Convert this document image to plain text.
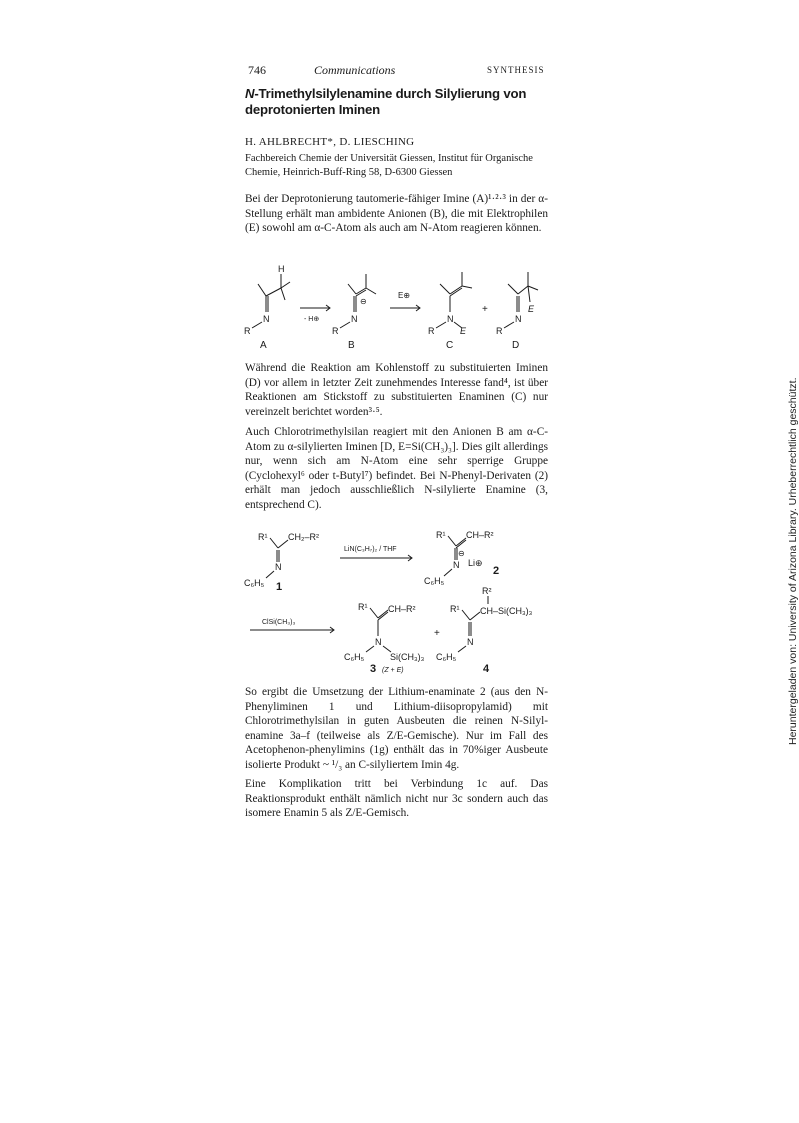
746	Communications	SYNTHESIS
N-Trimethylsilylenamine durch Silylierung von deprotonierten Iminen
H. AHLBRECHT*, D. LIESCHING
Fachbereich Chemie der Universität Giessen, Institut für Organische Chemie, Heinrich-Buff-Ring 58, D-6300 Giessen

Bei der Deprotonierung tautomerie-fähiger Imine (A)¹·²·³ in der α-Stellung erhält man ambidente Anionen (B), die mit Elektrophilen (E) sowohl am α-C-Atom als auch am N-Atom reagieren können.

H
N
R
A
- H⊕
⊖
N
R
B
E⊕
N
R	E
C
+	E
N
R
D

Während die Reaktion am Kohlenstoff zu substituierten Iminen (D) vor allem in letzter Zeit zunehmendes Interesse fand⁴, ist über Reaktionen am Stickstoff zu substituierten Enaminen (C) nur vereinzelt berichtet worden³·⁵.

Auch Chlorotrimethylsilan reagiert mit den Anionen B am α-C-Atom zu α-silylierten Iminen [D, E=Si(CH₃)₃]. Dies gilt allerdings nur, wenn sich am N-Atom eine sehr sperrige Gruppe (Cyclohexyl⁶ oder t-Butyl⁷) befindet. Bei N-Phenyl-Derivaten (2) erhält man jedoch ausschließlich N-silylierte Enamine (3, entsprechend C).

R¹ CH₂–R²
N
C₆H₅ 1
LiN(C₃H₇)₂ / THF
R¹ CH–R²
⊖
N Li⊕
C₆H₅
2
ClSi(CH₃)₃
R¹ CH–R²
N
C₆H₅	Si(CH₃)₃
3 (Z + E)
+
R²
R¹ CH–Si(CH₃)₃
N
C₆H₅
4

So ergibt die Umsetzung der Lithium-enaminate 2 (aus den N-Phenyliminen 1 und Lithium-diisopropylamid) mit Chlorotrimethylsilan in guten Ausbeuten die reinen N-Silyl-enamine 3a–f (teilweise als Z/E-Gemische). Nur im Fall des Acetophenon-phenylimins (1g) enthält das in 70%iger Ausbeute isolierte Produkt ~ ¹/₃ an C-silyliertem Imin 4g.

Eine Komplikation tritt bei Verbindung 1c auf. Das Reaktionsprodukt enthält nämlich nicht nur 3c sondern auch das isomere Enamin 5 als Z/E-Gemisch.

Heruntergeladen von: University of Arizona Library. Urheberrechtlich geschützt.
